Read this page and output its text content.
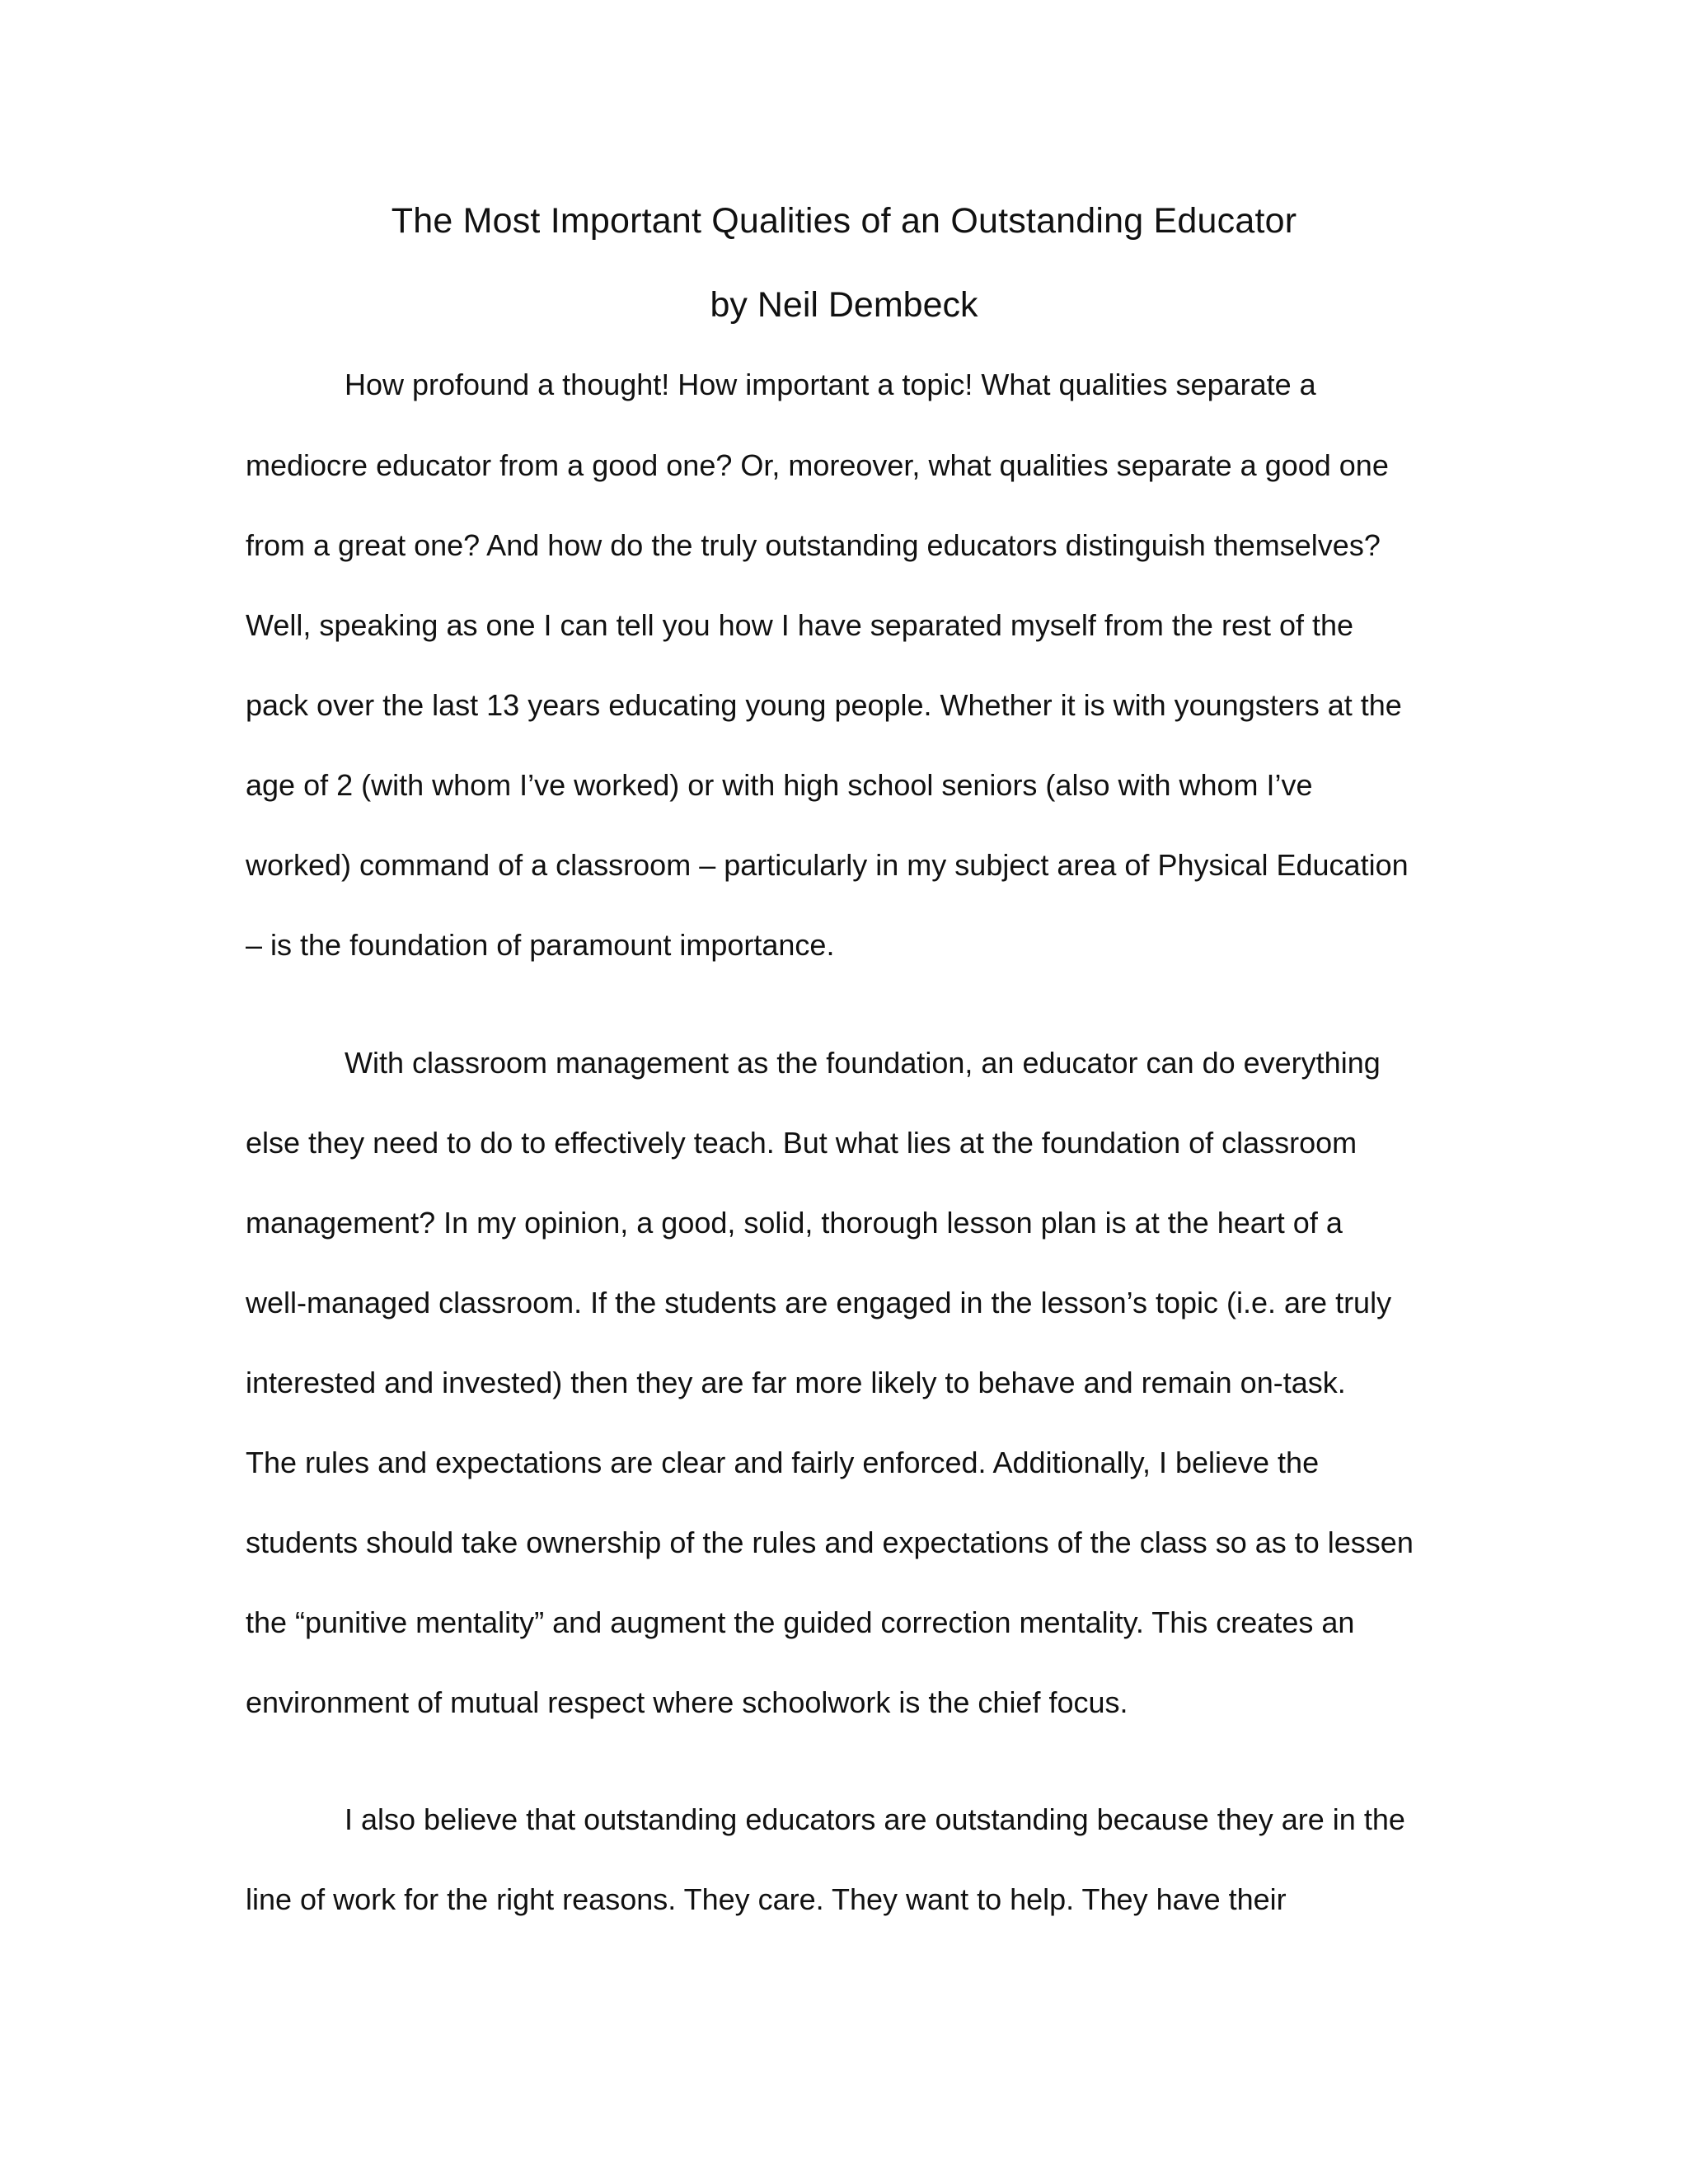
The Most Important Qualities of an Outstanding Educator
by Neil Dembeck
How profound a thought! How important a topic! What qualities separate a
mediocre educator from a good one? Or, moreover, what qualities separate a good one
from a great one? And how do the truly outstanding educators distinguish themselves?
Well, speaking as one I can tell you how I have separated myself from the rest of the
pack over the last 13 years educating young people. Whether it is with youngsters at the
age of 2 (with whom I’ve worked) or with high school seniors (also with whom I’ve
worked) command of a classroom – particularly in my subject area of Physical Education
– is the foundation of paramount importance.
With classroom management as the foundation, an educator can do everything
else they need to do to effectively teach. But what lies at the foundation of classroom
management? In my opinion, a good, solid, thorough lesson plan is at the heart of a
well-managed classroom. If the students are engaged in the lesson’s topic (i.e. are truly
interested and invested) then they are far more likely to behave and remain on-task.
The rules and expectations are clear and fairly enforced. Additionally, I believe the
students should take ownership of the rules and expectations of the class so as to lessen
the “punitive mentality” and augment the guided correction mentality. This creates an
environment of mutual respect where schoolwork is the chief focus.
I also believe that outstanding educators are outstanding because they are in the
line of work for the right reasons. They care. They want to help. They have their
